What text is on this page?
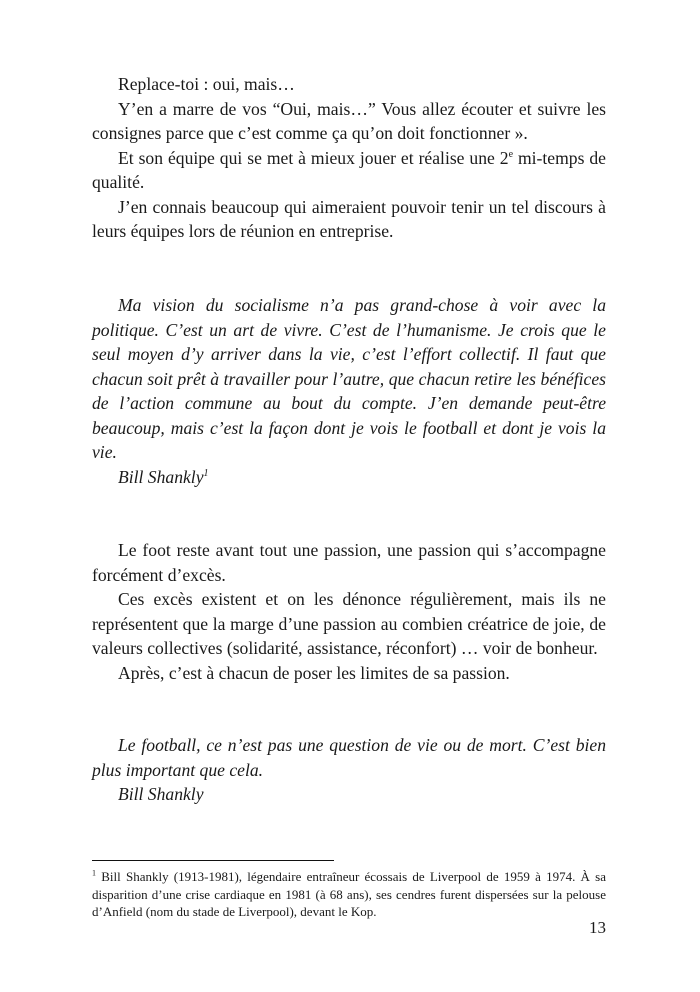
Replace-toi : oui, mais…

Y’en a marre de vos “Oui, mais…” Vous allez écouter et suivre les consignes parce que c’est comme ça qu’on doit fonctionner ».

Et son équipe qui se met à mieux jouer et réalise une 2e mi-temps de qualité.

J’en connais beaucoup qui aimeraient pouvoir tenir un tel discours à leurs équipes lors de réunion en entreprise.

Ma vision du socialisme n’a pas grand-chose à voir avec la politique. C’est un art de vivre. C’est de l’humanisme. Je crois que le seul moyen d’y arriver dans la vie, c’est l’effort collectif. Il faut que chacun soit prêt à travailler pour l’autre, que chacun retire les bénéfices de l’action commune au bout du compte. J’en demande peut-être beaucoup, mais c’est la façon dont je vois le football et dont je vois la vie.

Bill Shankly$^1$

Le foot reste avant tout une passion, une passion qui s’accompagne forcément d’excès.

Ces excès existent et on les dénonce régulièrement, mais ils ne représentent que la marge d’une passion au combien créatrice de joie, de valeurs collectives (solidarité, assistance, réconfort) … voir de bonheur.

Après, c’est à chacun de poser les limites de sa passion.

Le football, ce n’est pas une question de vie ou de mort. C’est bien plus important que cela.

Bill Shankly

$^1$ Bill Shankly (1913-1981), légendaire entraîneur écossais de Liverpool de 1959 à 1974. À sa disparition d’une crise cardiaque en 1981 (à 68 ans), ses cendres furent dispersées sur la pelouse d’Anfield (nom du stade de Liverpool), devant le Kop.

13
